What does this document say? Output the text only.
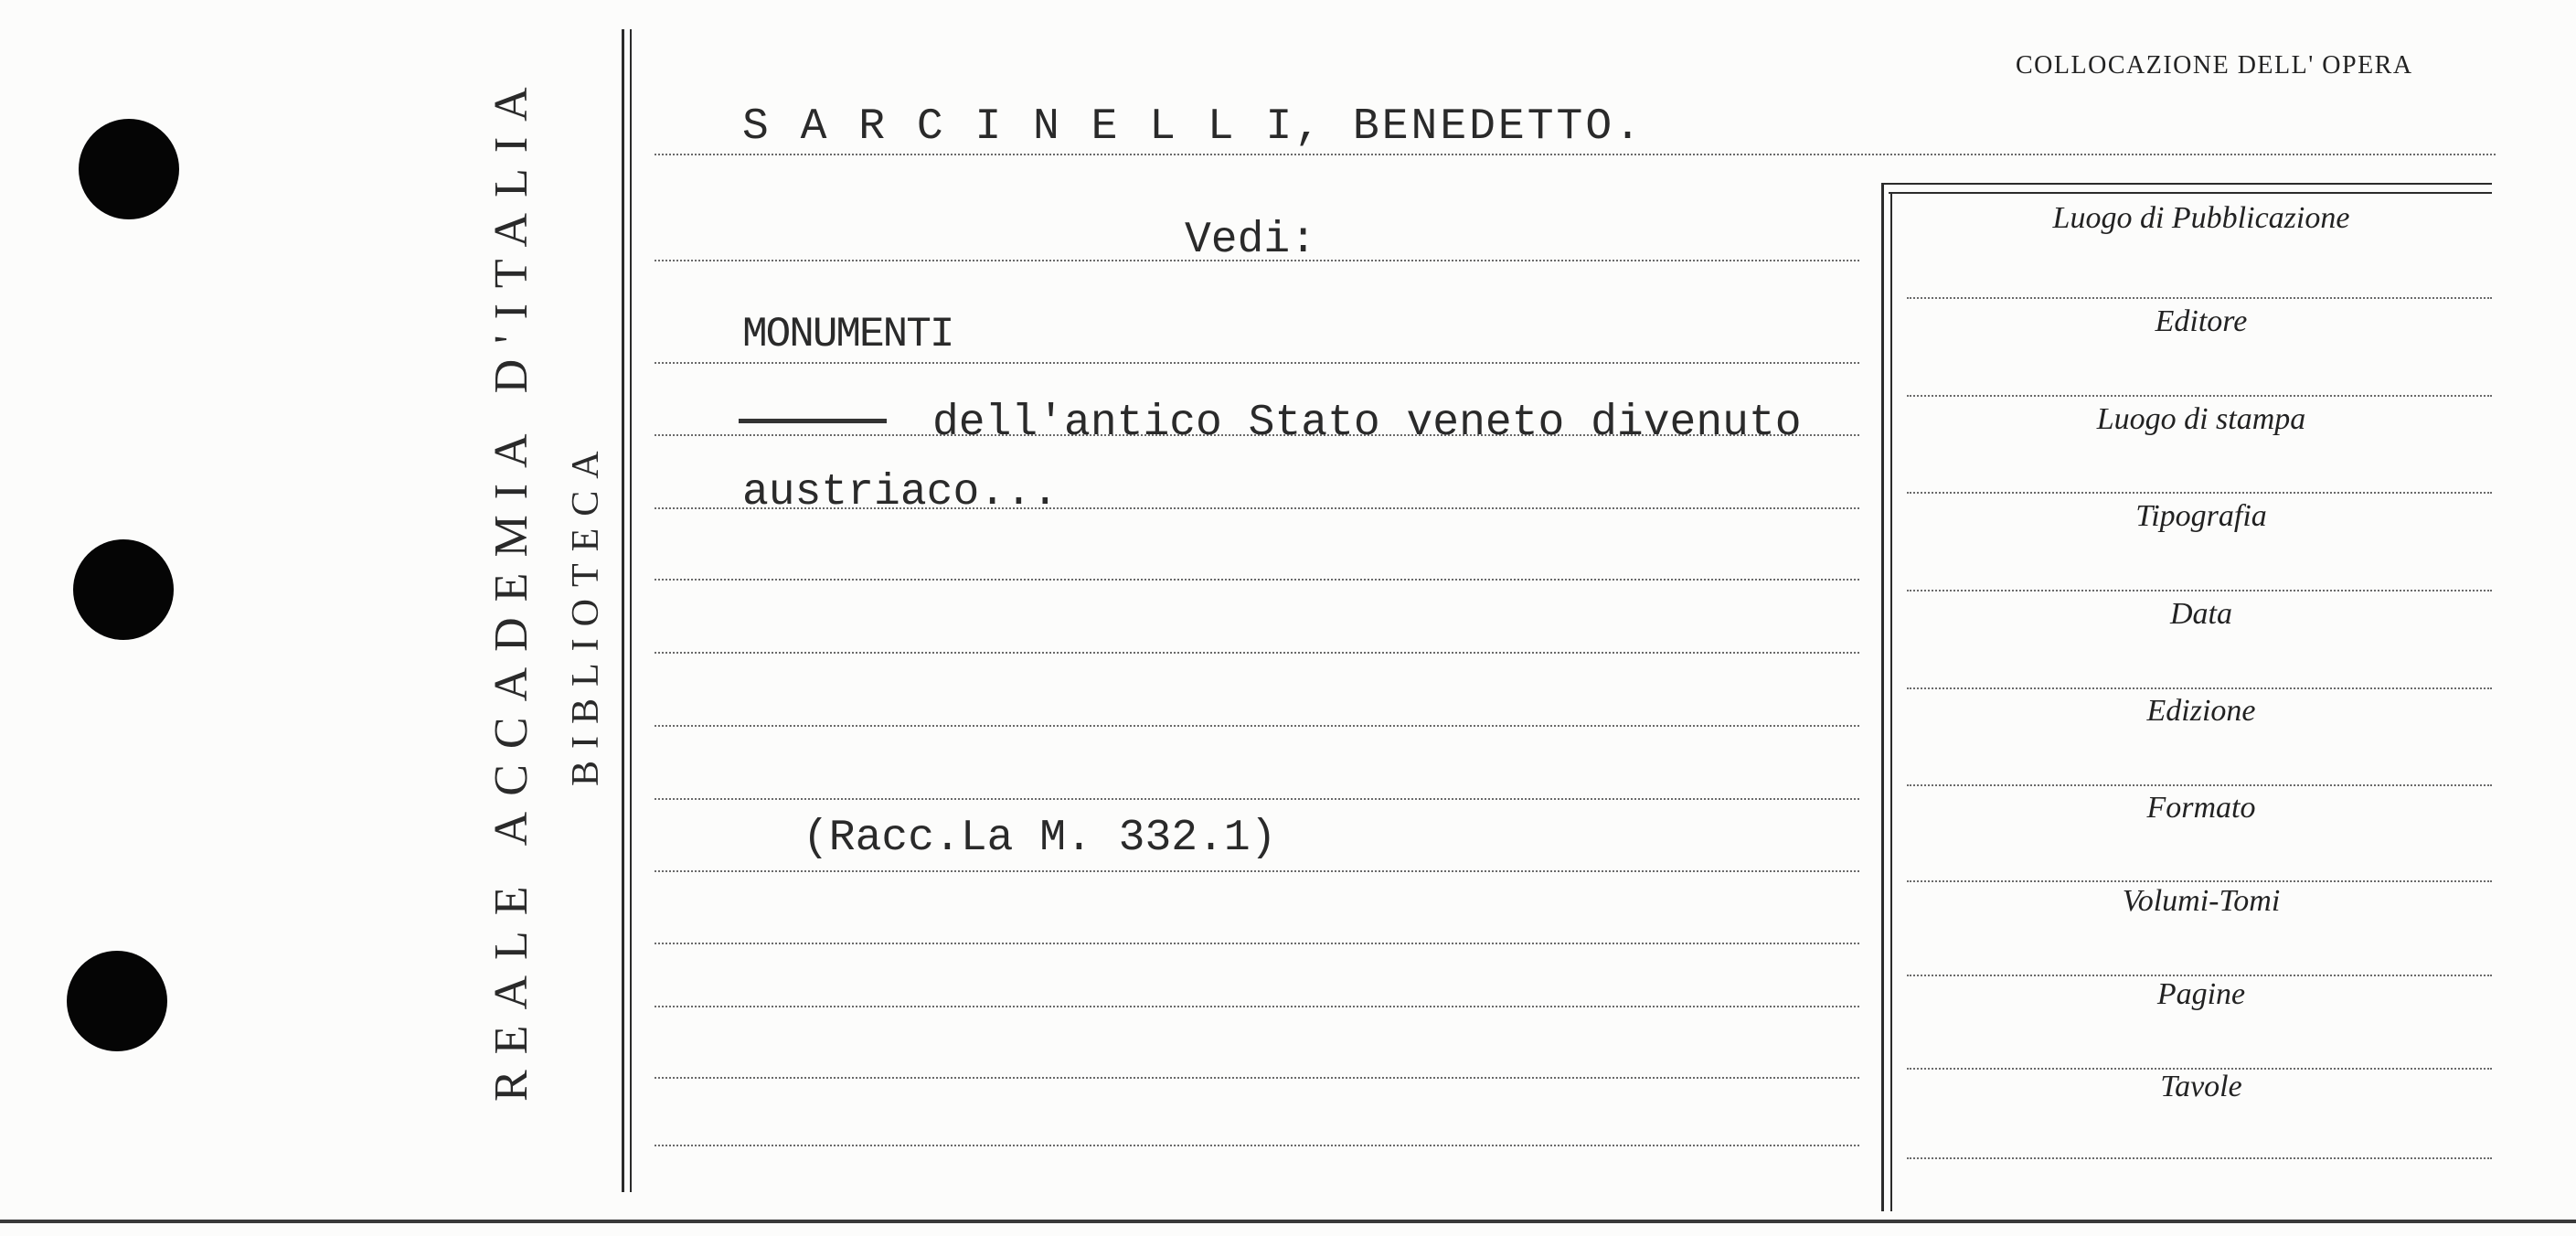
REALE ACCADEMIA D'ITALIA BIBLIOTECA
COLLOCAZIONE DELL' OPERA
S A R C I N E L L I, BENEDETTO.
Vedi:
MONUMENTI
dell'antico Stato veneto divenuto
austriaco...
(Racc.La M. 332.1)
Luogo di Pubblicazione
Editore
Luogo di stampa
Tipografia
Data
Edizione
Formato
Volumi-Tomi
Pagine
Tavole
